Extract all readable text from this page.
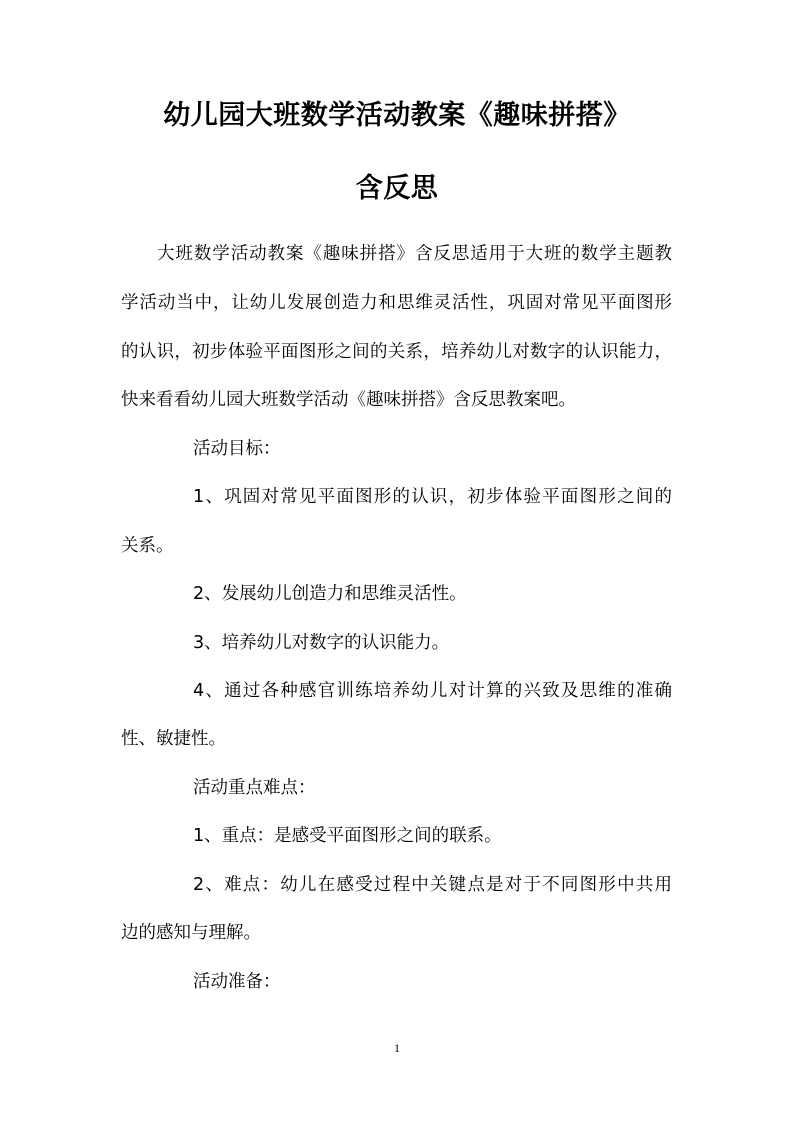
幼儿园大班数学活动教案《趣味拼搭》
含反思
大班数学活动教案《趣味拼搭》含反思适用于大班的数学主题教
学活动当中，让幼儿发展创造力和思维灵活性，巩固对常见平面图形
的认识，初步体验平面图形之间的关系，培养幼儿对数字的认识能力，
快来看看幼儿园大班数学活动《趣味拼搭》含反思教案吧。
活动目标：
1、巩固对常见平面图形的认识，初步体验平面图形之间的
关系。
2、发展幼儿创造力和思维灵活性。
3、培养幼儿对数字的认识能力。
4、通过各种感官训练培养幼儿对计算的兴致及思维的准确
性、敏捷性。
活动重点难点：
1、重点：是感受平面图形之间的联系。
2、难点：幼儿在感受过程中关键点是对于不同图形中共用
边的感知与理解。
活动准备：
1
